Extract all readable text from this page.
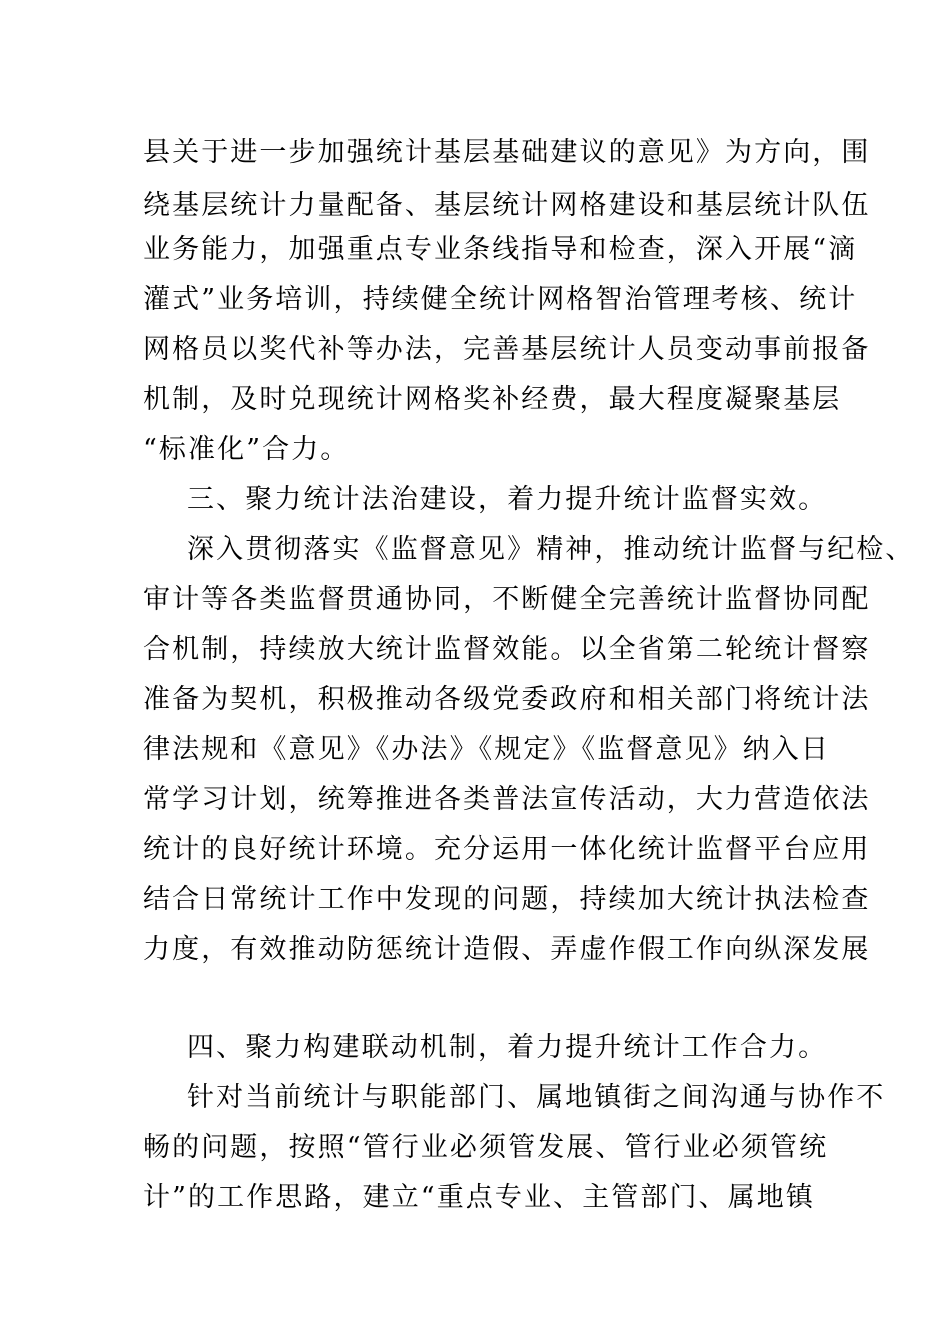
县关于进一步加强统计基层基础建议的意见》为方向，围
绕基层统计力量配备、基层统计网格建设和基层统计队伍
业务能力，加强重点专业条线指导和检查，深入开展“滴
灌式”业务培训，持续健全统计网格智治管理考核、统计
网格员以奖代补等办法，完善基层统计人员变动事前报备
机制，及时兑现统计网格奖补经费，最大程度凝聚基层
“标准化”合力。
三、聚力统计法治建设，着力提升统计监督实效。
深入贯彻落实《监督意见》精神，推动统计监督与纪检、
审计等各类监督贯通协同，不断健全完善统计监督协同配
合机制，持续放大统计监督效能。以全省第二轮统计督察
准备为契机，积极推动各级党委政府和相关部门将统计法
律法规和《意见》《办法》《规定》《监督意见》纳入日
常学习计划，统筹推进各类普法宣传活动，大力营造依法
统计的良好统计环境。充分运用一体化统计监督平台应用
结合日常统计工作中发现的问题，持续加大统计执法检查
力度，有效推动防惩统计造假、弄虚作假工作向纵深发展
四、聚力构建联动机制，着力提升统计工作合力。
针对当前统计与职能部门、属地镇街之间沟通与协作不
畅的问题，按照“管行业必须管发展、管行业必须管统
计”的工作思路，建立“重点专业、主管部门、属地镇
